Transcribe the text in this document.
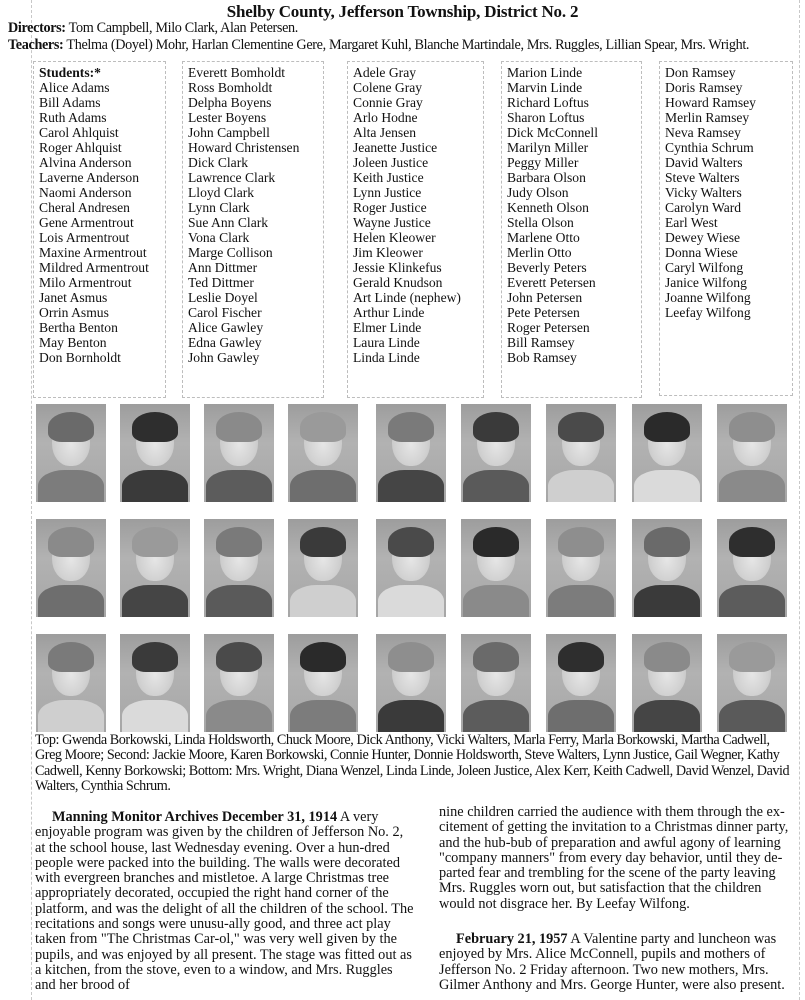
Shelby County, Jefferson Township, District No. 2
Directors: Tom Campbell, Milo Clark, Alan Petersen.
Teachers: Thelma (Doyel) Mohr, Harlan Clementine Gere, Margaret Kuhl, Blanche Martindale, Mrs. Ruggles, Lillian Spear, Mrs. Wright.
Students:*
Alice Adams
Bill Adams
Ruth Adams
Carol Ahlquist
Roger Ahlquist
Alvina Anderson
Laverne Anderson
Naomi Anderson
Cheral Andresen
Gene Armentrout
Lois Armentrout
Maxine Armentrout
Mildred Armentrout
Milo Armentrout
Janet Asmus
Orrin Asmus
Bertha Benton
May Benton
Don Bornholdt
Everett Bomholdt
Ross Bomholdt
Delpha Boyens
Lester Boyens
John Campbell
Howard Christensen
Dick Clark
Lawrence Clark
Lloyd Clark
Lynn Clark
Sue Ann Clark
Vona Clark
Marge Collison
Ann Dittmer
Ted Dittmer
Leslie Doyel
Carol Fischer
Alice Gawley
Edna Gawley
John Gawley
Adele Gray
Colene Gray
Connie Gray
Arlo Hodne
Alta Jensen
Jeanette Justice
Joleen Justice
Keith Justice
Lynn Justice
Roger Justice
Wayne Justice
Helen Kleower
Jim Kleower
Jessie Klinkefus
Gerald Knudson
Art Linde (nephew)
Arthur Linde
Elmer Linde
Laura Linde
Linda Linde
Marion Linde
Marvin Linde
Richard Loftus
Sharon Loftus
Dick McConnell
Marilyn Miller
Peggy Miller
Barbara Olson
Judy Olson
Kenneth Olson
Stella Olson
Marlene Otto
Merlin Otto
Beverly Peters
Everett Petersen
John Petersen
Pete Petersen
Roger Petersen
Bill Ramsey
Bob Ramsey
Don Ramsey
Doris Ramsey
Howard Ramsey
Merlin Ramsey
Neva Ramsey
Cynthia Schrum
David Walters
Steve Walters
Vicky Walters
Carolyn Ward
Earl West
Dewey Wiese
Donna Wiese
Caryl Wilfong
Janice Wilfong
Joanne Wilfong
Leefay Wilfong
Top: Gwenda Borkowski, Linda Holdsworth, Chuck Moore, Dick Anthony, Vicki Walters, Marla Ferry, Marla Borkowski, Martha Cadwell, Greg Moore; Second: Jackie Moore, Karen Borkowski, Connie Hunter, Donnie Holdsworth, Steve Walters, Lynn Justice, Gail Wegner, Kathy Cadwell, Kenny Borkowski; Bottom: Mrs. Wright, Diana Wenzel, Linda Linde, Joleen Justice, Alex Kerr, Keith Cadwell, David Wenzel, David Walters, Cynthia Schrum.
Manning Monitor Archives December 31, 1914 A very enjoyable program was given by the children of Jefferson No. 2, at the school house, last Wednesday evening. Over a hun-dred people were packed into the building. The walls were decorated with evergreen branches and mistletoe. A large Christmas tree appropriately decorated, occupied the right hand corner of the platform, and was the delight of all the children of the school. The recitations and songs were unusu-ally good, and three act play taken from "The Christmas Car-ol," was very well given by the pupils, and was enjoyed by all present. The stage was fitted out as a kitchen, from the stove, even to a window, and Mrs. Ruggles and her brood of
nine children carried the audience with them through the ex-citement of getting the invitation to a Christmas dinner party, and the hub-bub of preparation and awful agony of learning "company manners" from every day behavior, until they de-parted fear and trembling for the scene of the party leaving Mrs. Ruggles worn out, but satisfaction that the children would not disgrace her. By Leefay Wilfong.
February 21, 1957 A Valentine party and luncheon was enjoyed by Mrs. Alice McConnell, pupils and mothers of Jefferson No. 2 Friday afternoon. Two new mothers, Mrs. Gilmer Anthony and Mrs. George Hunter, were also present.
